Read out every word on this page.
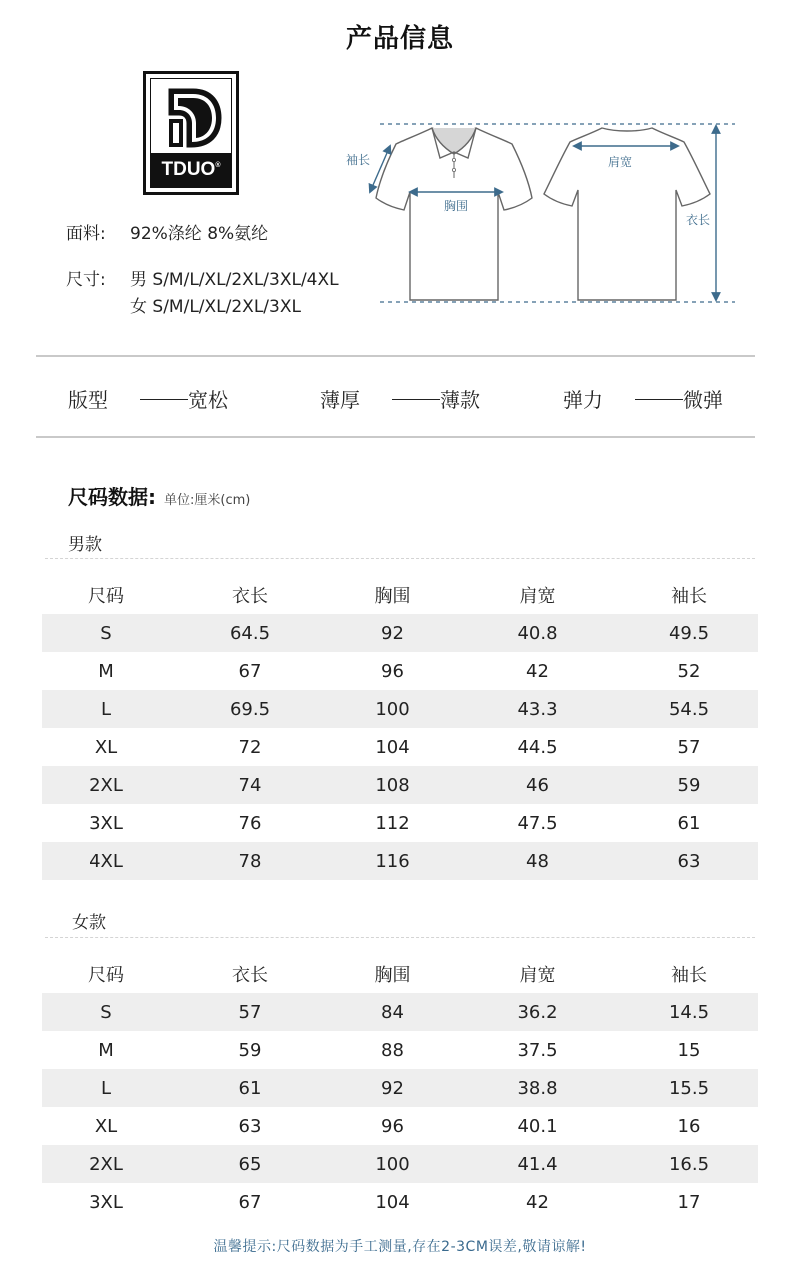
产品信息
TDUO®
面料: 92%涤纶 8%氨纶
尺寸: 男 S/M/L/XL/2XL/3XL/4XL
女 S/M/L/XL/2XL/3XL
袖长
胸围
肩宽
衣长
版型	宽松	薄厚	薄款	弹力	微弹
尺码数据: 单位:厘米(cm)
男款
尺码	衣长	胸围	肩宽	袖长
S	64.5	92	40.8	49.5
M	67	96	42	52
L	69.5	100	43.3	54.5
XL	72	104	44.5	57
2XL	74	108	46	59
3XL	76	112	47.5	61
4XL	78	116	48	63
女款
尺码	衣长	胸围	肩宽	袖长
S	57	84	36.2	14.5
M	59	88	37.5	15
L	61	92	38.8	15.5
XL	63	96	40.1	16
2XL	65	100	41.4	16.5
3XL	67	104	42	17
温馨提示:尺码数据为手工测量,存在2-3CM误差,敬请谅解!
